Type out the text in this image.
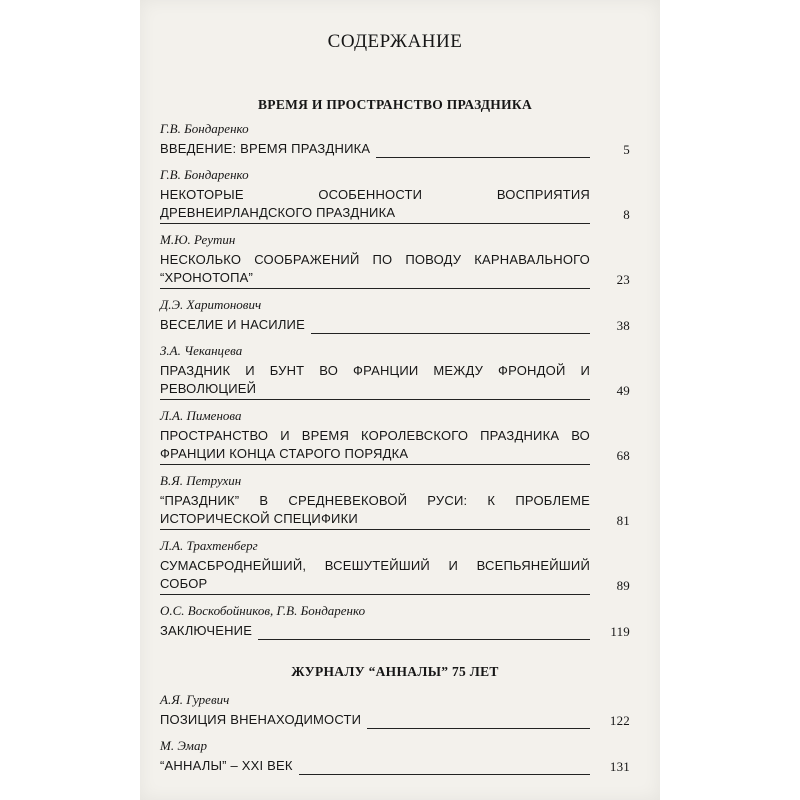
СОДЕРЖАНИЕ
ВРЕМЯ И ПРОСТРАНСТВО ПРАЗДНИКА
Г.В. Бондаренко
ВВЕДЕНИЕ: ВРЕМЯ ПРАЗДНИКА	5
Г.В. Бондаренко
НЕКОТОРЫЕ ОСОБЕННОСТИ ВОСПРИЯТИЯ ДРЕВНЕИРЛАНДСКОГО ПРАЗДНИКА	8
М.Ю. Реутин
НЕСКОЛЬКО СООБРАЖЕНИЙ ПО ПОВОДУ КАРНАВАЛЬНОГО “ХРОНОТОПА”	23
Д.Э. Харитонович
ВЕСЕЛИЕ И НАСИЛИЕ	38
З.А. Чеканцева
ПРАЗДНИК И БУНТ ВО ФРАНЦИИ МЕЖДУ ФРОНДОЙ И РЕВОЛЮЦИЕЙ	49
Л.А. Пименова
ПРОСТРАНСТВО И ВРЕМЯ КОРОЛЕВСКОГО ПРАЗДНИКА ВО ФРАНЦИИ КОНЦА СТАРОГО ПОРЯДКА	68
В.Я. Петрухин
“ПРАЗДНИК” В СРЕДНЕВЕКОВОЙ РУСИ: К ПРОБЛЕМЕ ИСТОРИЧЕСКОЙ СПЕЦИФИКИ	81
Л.А. Трахтенберг
СУМАСБРОДНЕЙШИЙ, ВСЕШУТЕЙШИЙ И ВСЕПЬЯНЕЙШИЙ СОБОР	89
О.С. Воскобойников, Г.В. Бондаренко
ЗАКЛЮЧЕНИЕ	119
ЖУРНАЛУ “АННАЛЫ” 75 ЛЕТ
А.Я. Гуревич
ПОЗИЦИЯ ВНЕНАХОДИМОСТИ	122
М. Эмар
“АННАЛЫ” – XXI ВЕК	131
